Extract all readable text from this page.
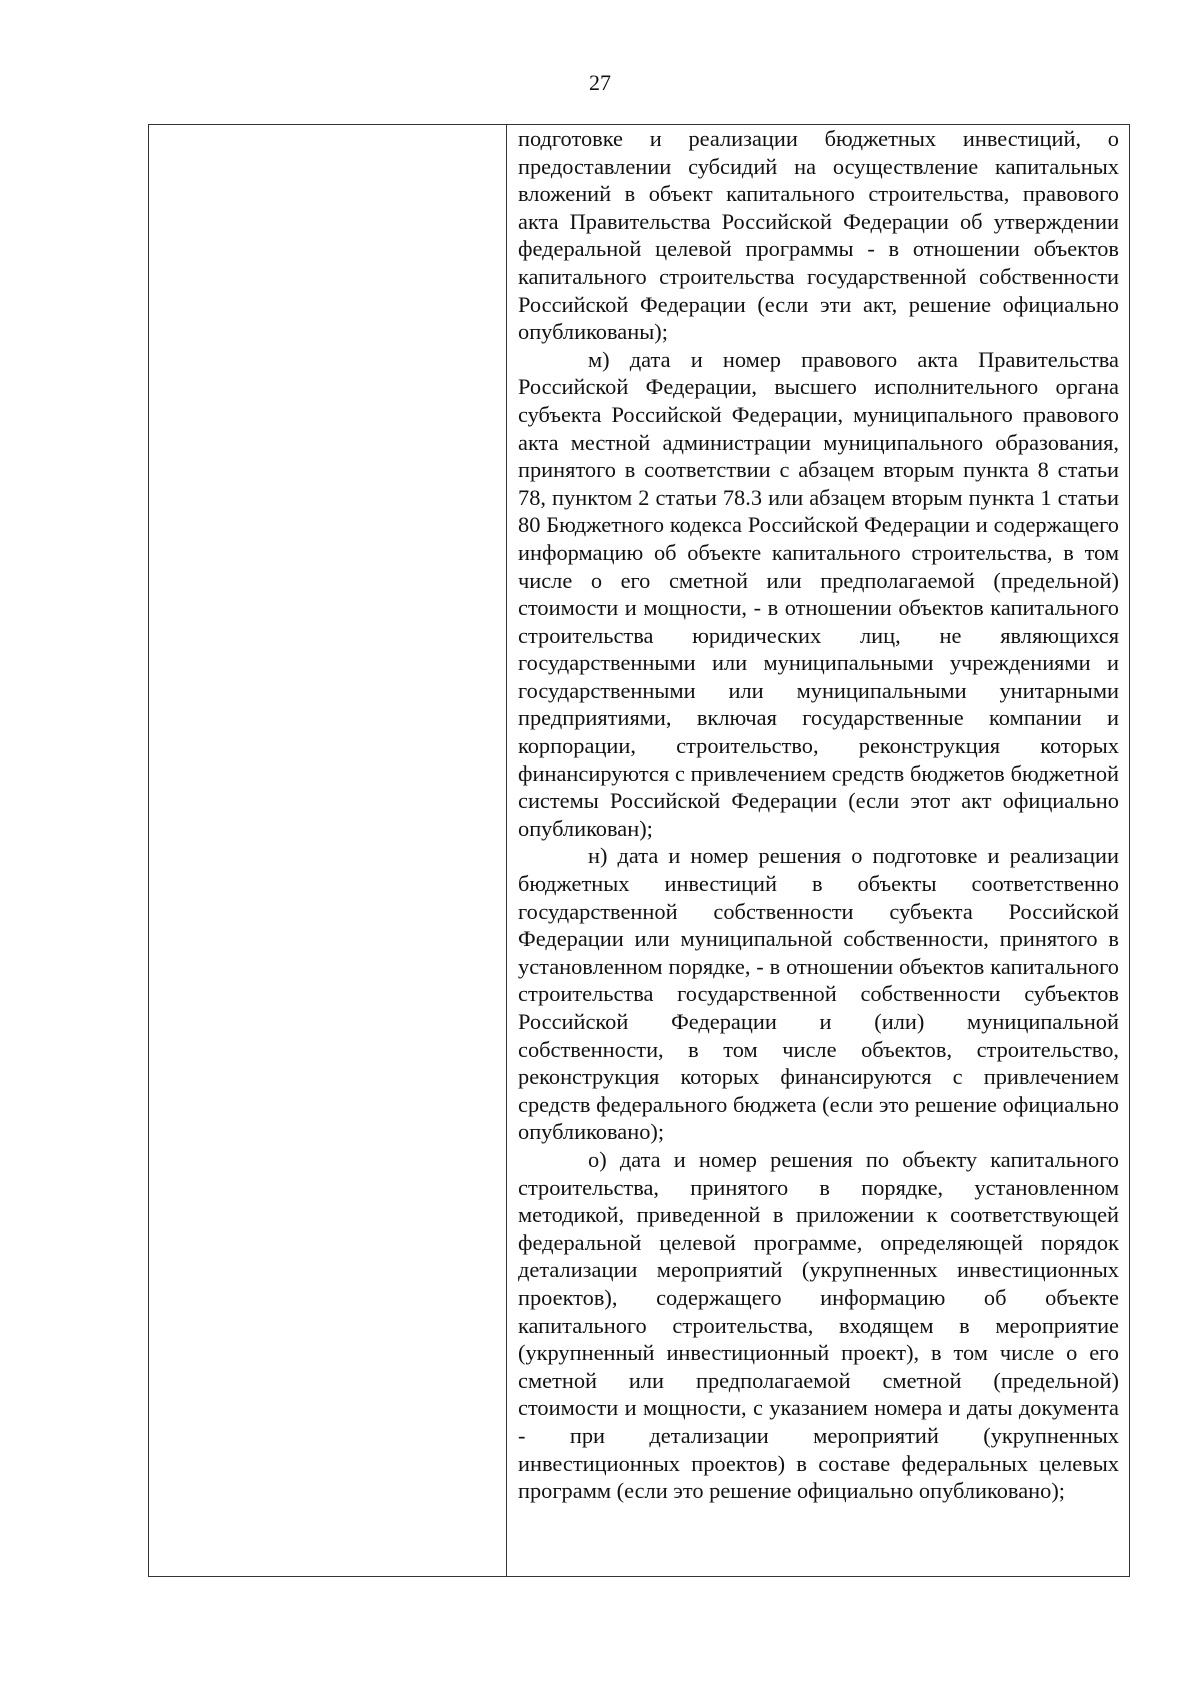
27

подготовке и реализации бюджетных инвестиций, о предоставлении субсидий на осуществление капитальных вложений в объект капитального строительства, правового акта Правительства Российской Федерации об утверждении федеральной целевой программы - в отношении объектов капитального строительства государственной собственности Российской Федерации (если эти акт, решение официально опубликованы);

м) дата и номер правового акта Правительства Российской Федерации, высшего исполнительного органа субъекта Российской Федерации, муниципального правового акта местной администрации муниципального образования, принятого в соответствии с абзацем вторым пункта 8 статьи 78, пунктом 2 статьи 78.3 или абзацем вторым пункта 1 статьи 80 Бюджетного кодекса Российской Федерации и содержащего информацию об объекте капитального строительства, в том числе о его сметной или предполагаемой (предельной) стоимости и мощности, - в отношении объектов капитального строительства юридических лиц, не являющихся государственными или муниципальными учреждениями и государственными или муниципальными унитарными предприятиями, включая государственные компании и корпорации, строительство, реконструкция которых финансируются с привлечением средств бюджетов бюджетной системы Российской Федерации (если этот акт официально опубликован);

н) дата и номер решения о подготовке и реализации бюджетных инвестиций в объекты соответственно государственной собственности субъекта Российской Федерации или муниципальной собственности, принятого в установленном порядке, - в отношении объектов капитального строительства государственной собственности субъектов Российской Федерации и (или) муниципальной собственности, в том числе объектов, строительство, реконструкция которых финансируются с привлечением средств федерального бюджета (если это решение официально опубликовано);

о) дата и номер решения по объекту капитального строительства, принятого в порядке, установленном методикой, приведенной в приложении к соответствующей федеральной целевой программе, определяющей порядок детализации мероприятий (укрупненных инвестиционных проектов), содержащего информацию об объекте капитального строительства, входящем в мероприятие (укрупненный инвестиционный проект), в том числе о его сметной или предполагаемой сметной (предельной) стоимости и мощности, с указанием номера и даты документа - при детализации мероприятий (укрупненных инвестиционных проектов) в составе федеральных целевых программ (если это решение официально опубликовано);
